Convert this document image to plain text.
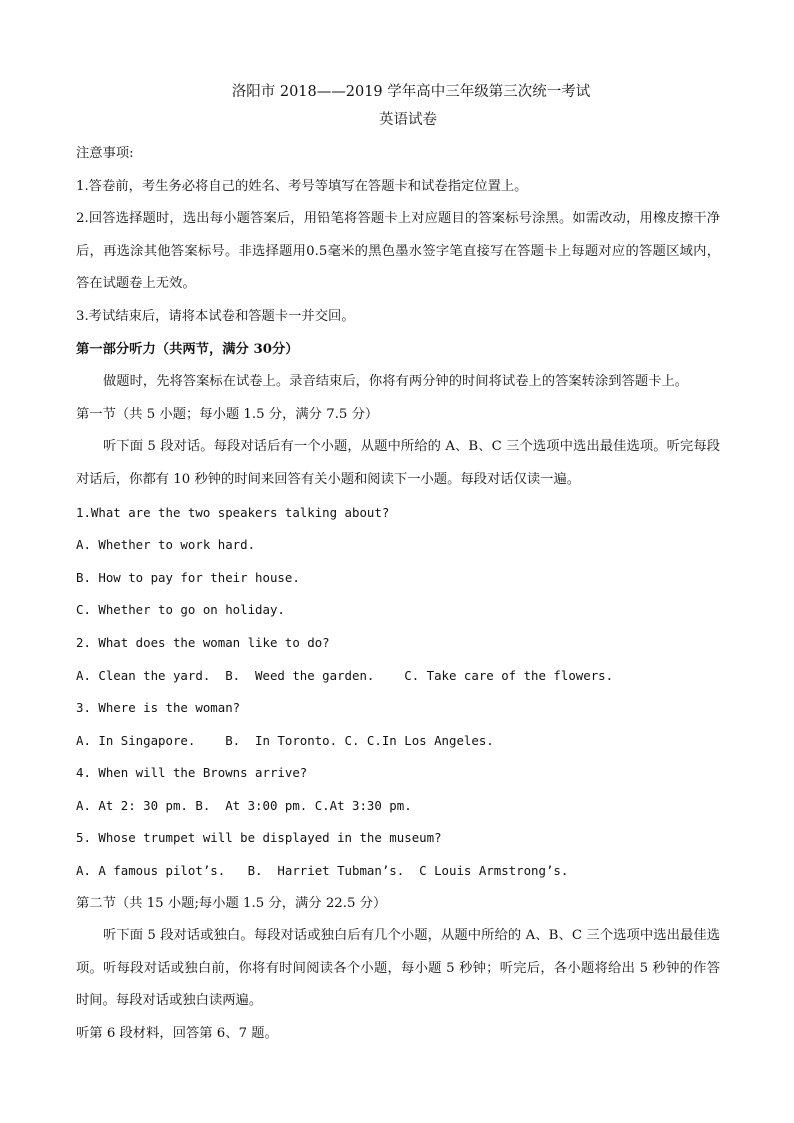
洛阳市 2018——2019 学年高中三年级第三次统一考试
英语试卷
注意事项:
1.答卷前，考生务必将自己的姓名、考号等填写在答题卡和试卷指定位置上。
2.回答选择题时，选出每小题答案后，用铅笔将答题卡上对应题目的答案标号涂黑。如需改动，用橡皮擦干净后，再选涂其他答案标号。非选择题用0.5毫米的黑色墨水签字笔直接写在答题卡上每题对应的答题区域内，答在试题卷上无效。
3.考试结束后，请将本试卷和答题卡一并交回。
第一部分听力（共两节，满分 30分）
做题时，先将答案标在试卷上。录音结束后，你将有两分钟的时间将试卷上的答案转涂到答题卡上。
第一节（共 5 小题；每小题 1.5 分，满分 7.5 分）
听下面 5 段对话。每段对话后有一个小题，从题中所给的 A、B、C 三个选项中选出最佳选项。听完每段对话后，你都有 10 秒钟的时间来回答有关小题和阅读下一小题。每段对话仅读一遍。
1.What are the two speakers talking about?
A. Whether to work hard.
B. How to pay for their house.
C. Whether to go on holiday.
2. What does the woman like to do?
A. Clean the yard.  B.  Weed the garden.    C. Take care of the flowers.
3. Where is the woman?
A. In Singapore.    B.  In Toronto. C. C.In Los Angeles.
4. When will the Browns arrive?
A. At 2: 30 pm. B.  At 3:00 pm. C.At 3:30 pm.
5. Whose trumpet will be displayed in the museum?
A. A famous pilot’s.   B.  Harriet Tubman’s.  C Louis Armstrong’s.
第二节（共 15 小题;每小题 1.5 分，满分 22.5 分）
听下面 5 段对话或独白。每段对话或独白后有几个小题，从题中所给的 A、B、C 三个选项中选出最佳选项。听每段对话或独白前，你将有时间阅读各个小题，每小题 5 秒钟；听完后，各小题将给出 5 秒钟的作答时间。每段对话或独白读两遍。
听第 6 段材料，回答第 6、7 题。
